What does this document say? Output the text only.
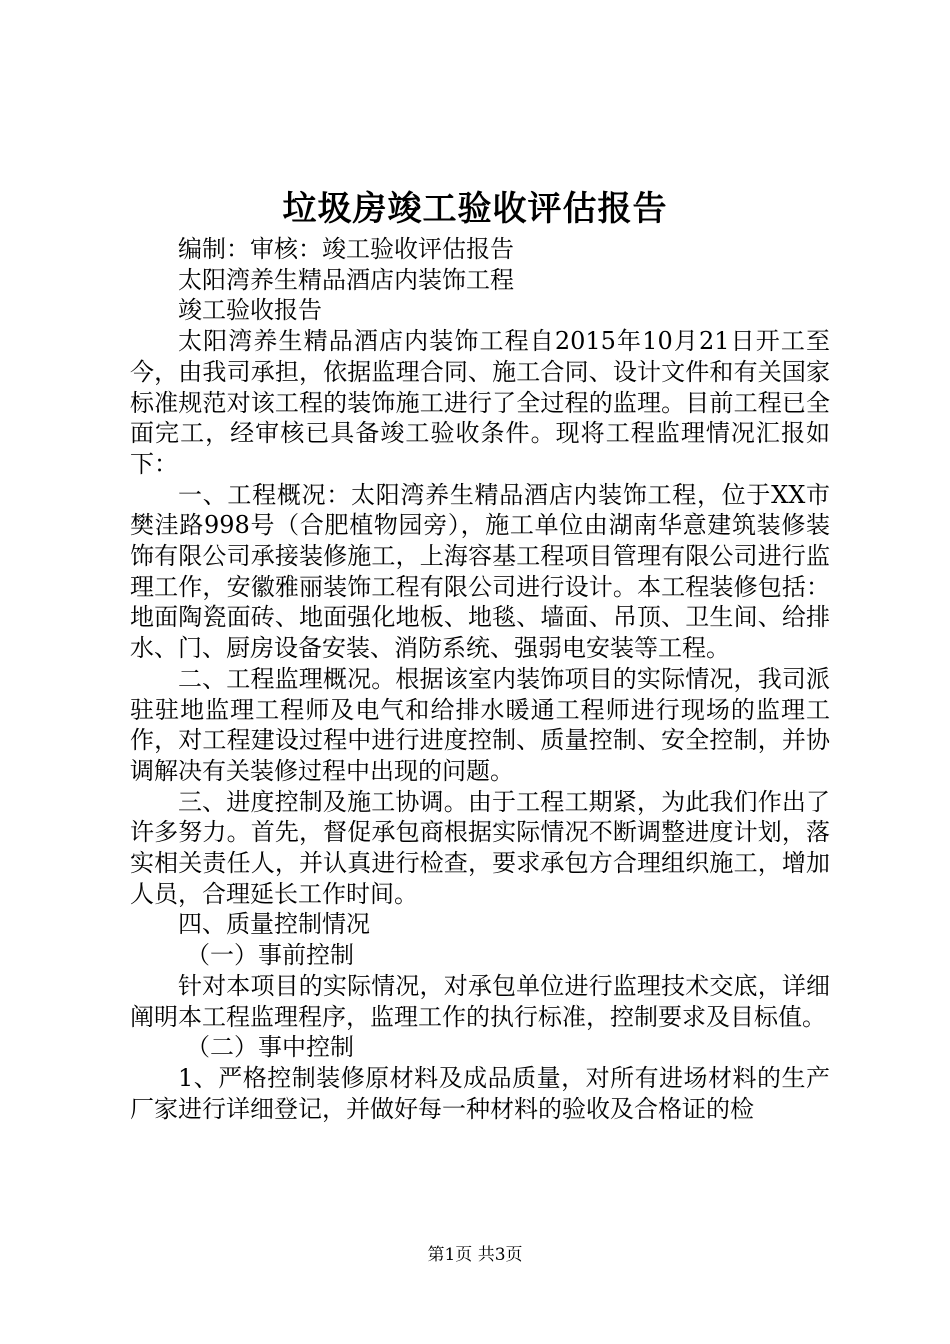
垃圾房竣工验收评估报告

编制：审核：竣工验收评估报告

太阳湾养生精品酒店内装饰工程

竣工验收报告

太阳湾养生精品酒店内装饰工程自2015年10月21日开工至今，由我司承担，依据监理合同、施工合同、设计文件和有关国家标准规范对该工程的装饰施工进行了全过程的监理。目前工程已全面完工，经审核已具备竣工验收条件。现将工程监理情况汇报如下：

一、工程概况：太阳湾养生精品酒店内装饰工程，位于XX市樊洼路998号（合肥植物园旁），施工单位由湖南华意建筑装修装饰有限公司承接装修施工，上海容基工程项目管理有限公司进行监理工作，安徽雅丽装饰工程有限公司进行设计。本工程装修包括：地面陶瓷面砖、地面强化地板、地毯、墙面、吊顶、卫生间、给排水、门、厨房设备安装、消防系统、强弱电安装等工程。

二、工程监理概况。根据该室内装饰项目的实际情况，我司派驻驻地监理工程师及电气和给排水暖通工程师进行现场的监理工作，对工程建设过程中进行进度控制、质量控制、安全控制，并协调解决有关装修过程中出现的问题。

三、进度控制及施工协调。由于工程工期紧，为此我们作出了许多努力。首先，督促承包商根据实际情况不断调整进度计划，落实相关责任人，并认真进行检查，要求承包方合理组织施工，增加人员，合理延长工作时间。

四、质量控制情况

（一）事前控制

针对本项目的实际情况，对承包单位进行监理技术交底，详细阐明本工程监理程序，监理工作的执行标准，控制要求及目标值。

（二）事中控制

1、严格控制装修原材料及成品质量，对所有进场材料的生产厂家进行详细登记，并做好每一种材料的验收及合格证的检

第1页 共3页
